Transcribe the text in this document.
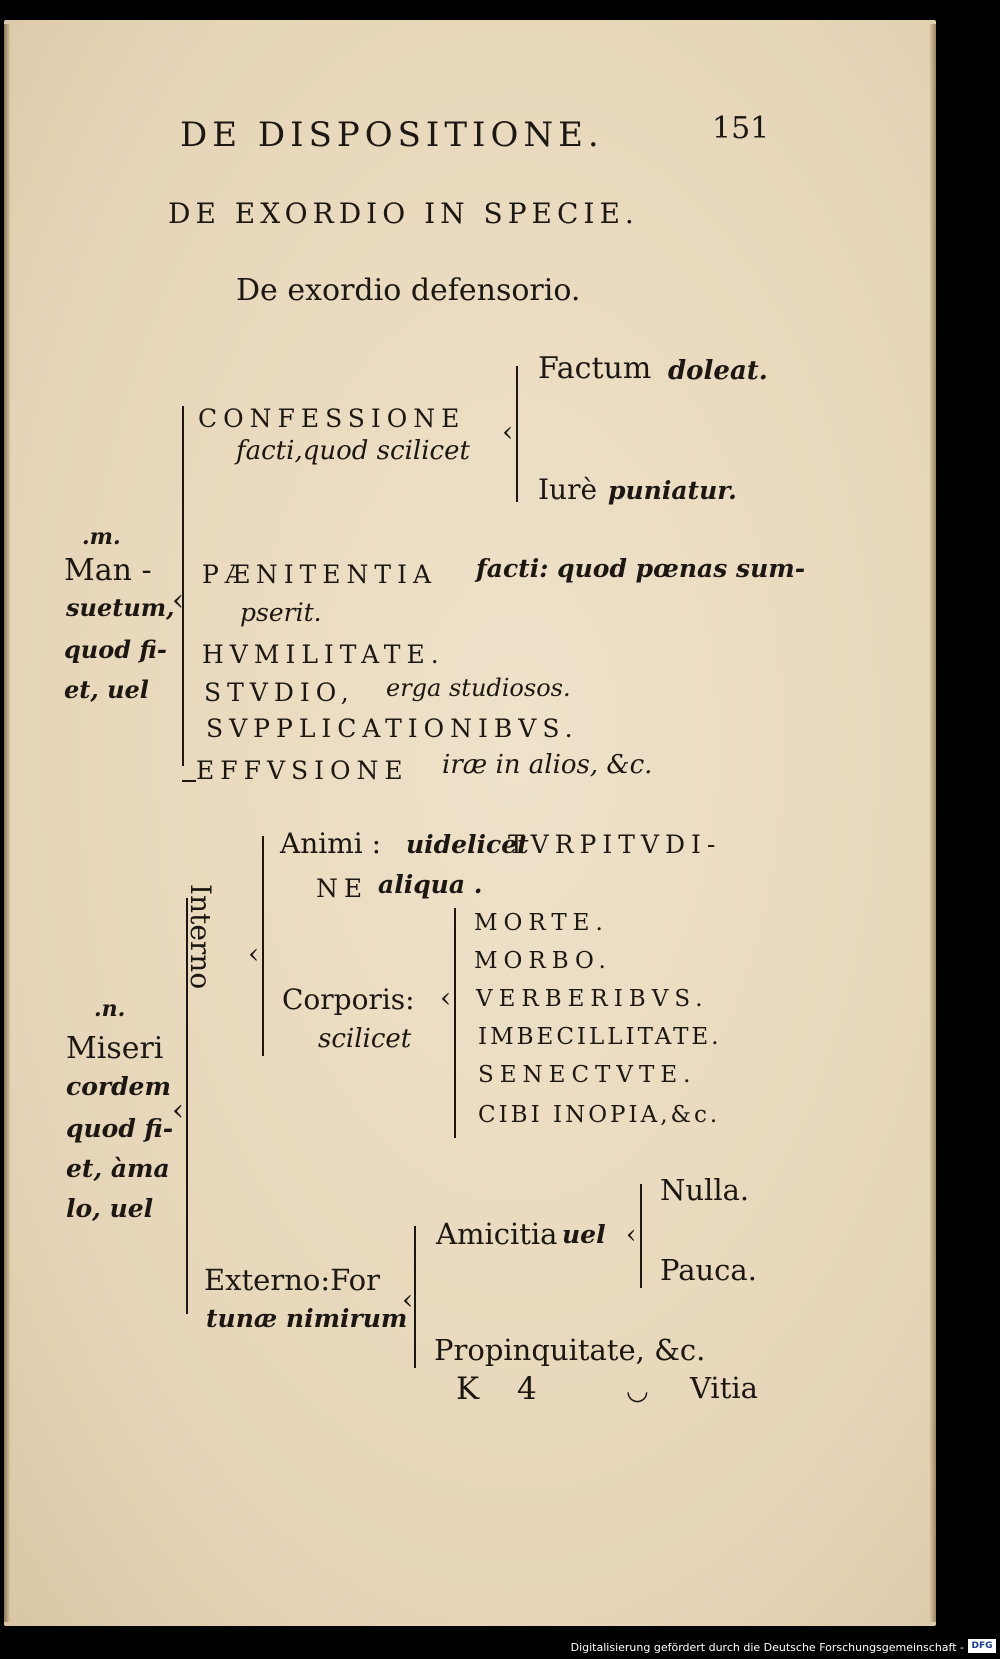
DE DISPOSITIONE.	151
DE EXORDIO IN SPECIE.
De exordio defensorio.
.m.
Man -
suetum,
quod fi-
et, uel
‹
‹
CONFESSIONE
facti,quod scilicet
Factum doleat.
Iurè puniatur.
PÆNITENTIA facti: quod pœnas sum-
pserit.
HVMILITATE.
STVDIO, erga studiosos.
SVPPLICATIONIBVS.
EFFVSIONE iræ in alios, &c.
.n.
Miseri
cordem
quod fi-
et, àma
lo, uel
‹
Interno ‹
Animi : uidelicet
TVRPITVDI-
NE aliqua .
Corporis:
scilicet
‹
MORTE.
MORBO.
VERBERIBVS.
IMBECILLITATE.
SENECTVTE.
CIBI INOPIA,&c.
Externo:For
tunæ nimirum
‹
Amicitia uel ‹
Nulla.
Pauca.
Propinquitate, &c.
K 4	◡ Vitia
Digitalisierung gefördert durch die Deutsche Forschungsgemeinschaft - DFG
